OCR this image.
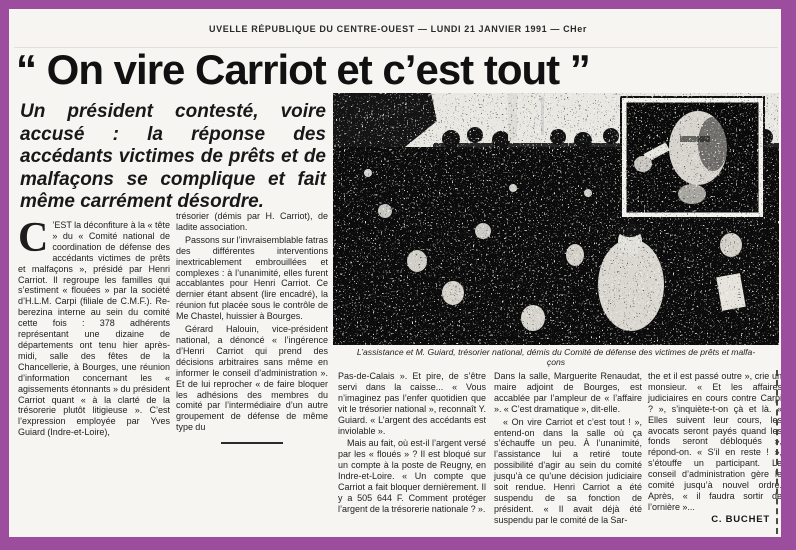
UVELLE RÉPUBLIQUE DU CENTRE-OUEST — LUNDI 21 JANVIER 1991 — CHer
“ On vire Carriot et c’est tout ”
Un président contesté, voire accusé : la réponse des accédants victimes de prêts et de malfaçons se complique et fait même carrément désordre.
L’assistance et M. Guiard, trésorier national, démis du Comité de défense des victimes de prêts et malfa-
çons

C ’EST la déconfiture à la « tête » du « Comité national de coordination de défense des accédants victimes de prêts et malfaçons », présidé par Henri Carriot. Il regroupe les familles qui s’estiment « flouées » par la société d’H.L.M. Carpi (filiale de C.M.F.). Re-berezina interne au sein du comité cette fois : 378 adhérents représentant une dizaine de départements ont tenu hier après-midi, salle des fêtes de la Chancellerie, à Bourges, une réunion d’information concernant les « agissements étonnants » du président Carriot quant « à la clarté de la trésorerie plutôt litigieuse ». C’est l’expression employée par Yves Guiard (Indre-et-Loire),

trésorier (démis par H. Carriot), de ladite association.

Passons sur l’invraisemblable fatras des différentes interventions inextricablement embrouillées et complexes : à l’unanimité, elles furent accablantes pour Henri Carriot. Ce dernier étant absent (lire encadré), la réunion fut placée sous le contrôle de Me Chastel, huissier à Bourges.

Gérard Halouin, vice-président national, a dénoncé « l’ingérence d’Henri Carriot qui prend des décisions arbitraires sans même en informer le conseil d’administration ». Et de lui reprocher « de faire bloquer les adhésions des membres du comité par l’intermédiaire d’un autre groupement de défense de même type du

Pas-de-Calais ». Et pire, de s’être servi dans la caisse... « Vous n’imaginez pas l’enfer quotidien que vit le trésorier national », reconnaît Y. Guiard. « L’argent des accédants est inviolable ».

Mais au fait, où est-il l’argent versé par les « floués » ? Il est bloqué sur un compte à la poste de Reugny, en Indre-et-Loire. « Un compte que Carriot a fait bloquer dernièrement. Il y a 505 644 F. Comment protéger l’argent de la trésorerie nationale ? ».

Dans la salle, Marguerite Renaudat, maire adjoint de Bourges, est accablée par l’ampleur de « l’affaire ». « C’est dramatique », dit-elle.

« On vire Carriot et c’est tout ! », entend-on dans la salle où ça s’échauffe un peu. À l’unanimité, l’assistance lui a retiré toute possibilité d’agir au sein du comité jusqu’à ce qu’une décision judiciaire soit rendue. Henri Carriot a été suspendu de sa fonction de président. « Il avait déjà été suspendu par le comité de la Sar-

the et il est passé outre », crie un monsieur. « Et les affaires judiciaires en cours contre Carpi ? », s’inquiète-t-on çà et là. « Elles suivent leur cours, les avocats seront payés quand les fonds seront débloqués », répond-on. « S’il en reste ! », s’étouffe un participant. Le conseil d’administration gère le comité jusqu’à nouvel ordre. Après, « il faudra sortir de l’ornière »...

C. BUCHET
